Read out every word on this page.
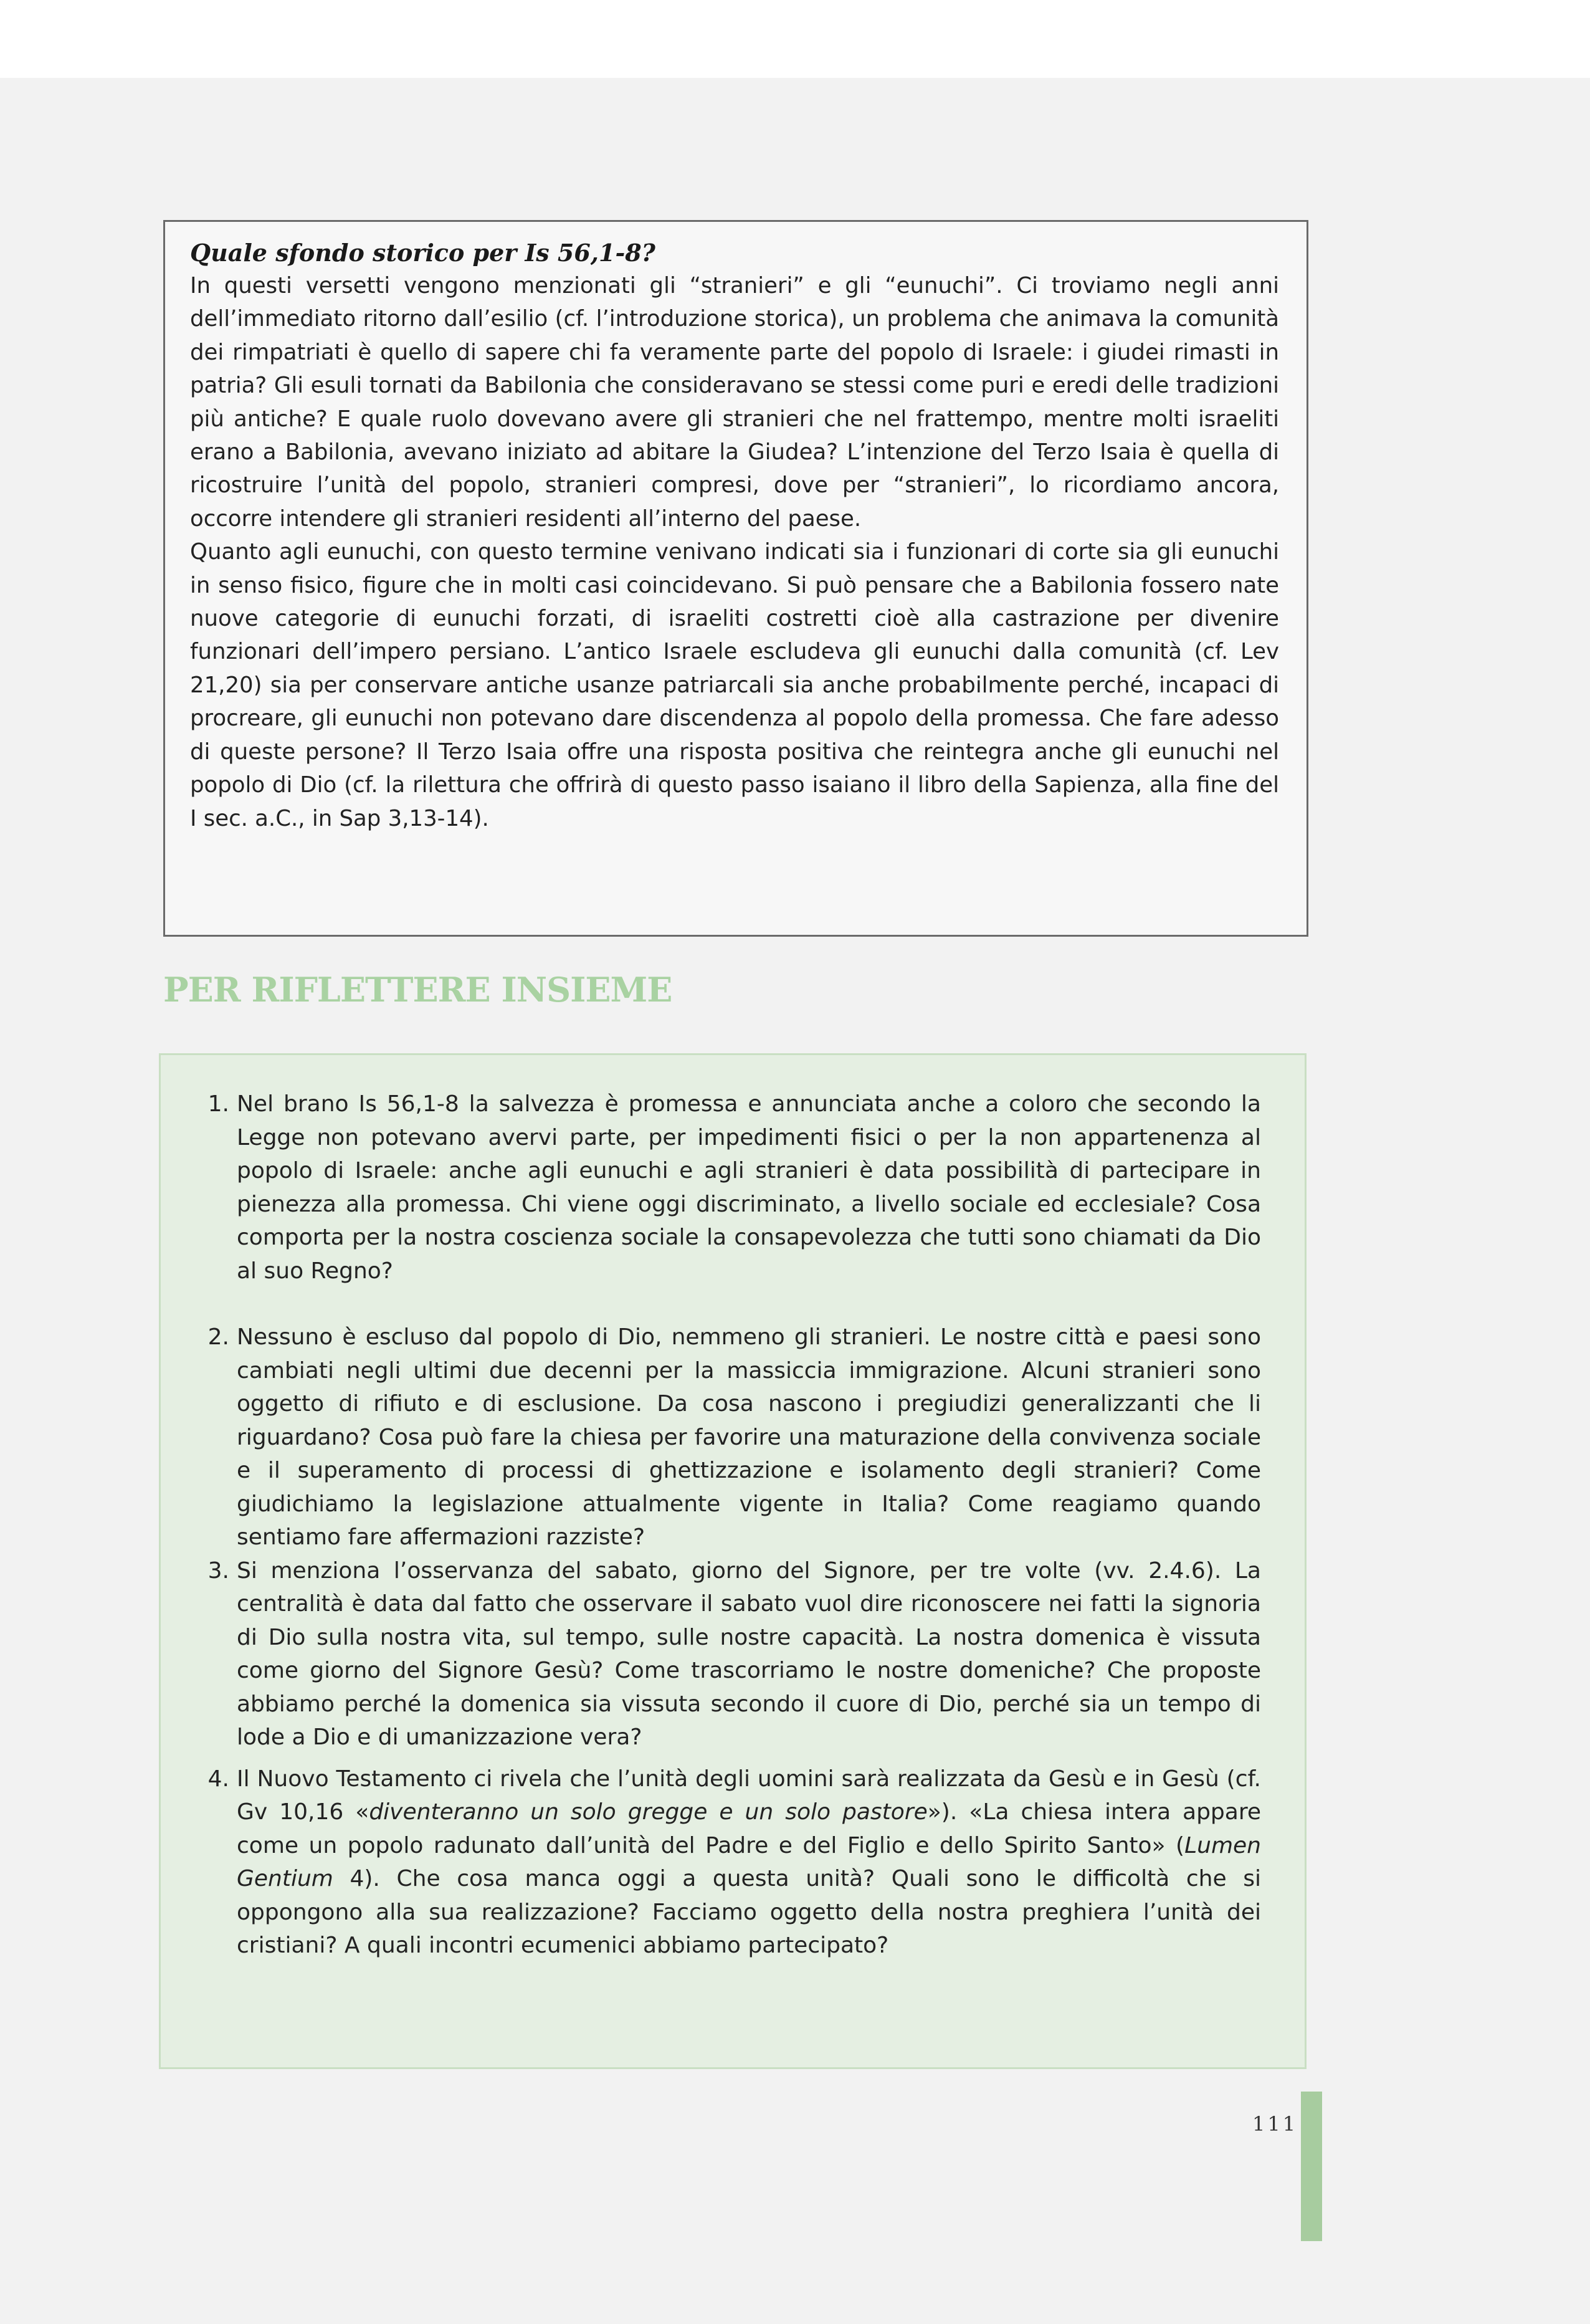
Quale sfondo storico per Is 56,1-8?

In questi versetti vengono menzionati gli “stranieri” e gli “eunuchi”. Ci troviamo negli anni dell’immediato ritorno dall’esilio (cf. l’introduzione storica), un problema che animava la comunità dei rimpatriati è quello di sapere chi fa veramente parte del popolo di Israele: i giudei rimasti in patria? Gli esuli tornati da Babilonia che consideravano se stessi come puri e eredi delle tradizioni più antiche? E quale ruolo dovevano avere gli stranieri che nel frattempo, mentre molti israeliti erano a Babilonia, avevano iniziato ad abitare la Giudea? L’intenzione del Terzo Isaia è quella di ricostruire l’unità del popolo, stranieri compresi, dove per “stranieri”, lo ricordiamo ancora, occorre intendere gli stranieri residenti all’interno del paese.

Quanto agli eunuchi, con questo termine venivano indicati sia i funzionari di corte sia gli eunuchi in senso fisico, figure che in molti casi coincidevano. Si può pensare che a Babilonia fossero nate nuove categorie di eunuchi forzati, di israeliti costretti cioè alla castrazione per divenire funzionari dell’impero persiano. L’antico Israele escludeva gli eunuchi dalla comunità (cf. Lev 21,20) sia per conservare antiche usanze patriarcali sia anche probabilmente perché, incapaci di procreare, gli eunuchi non potevano dare discendenza al popolo della promessa. Che fare adesso di queste persone? Il Terzo Isaia offre una risposta positiva che reintegra anche gli eunuchi nel popolo di Dio (cf. la rilettura che offrirà di questo passo isaiano il libro della Sapienza, alla fine del I sec. a.C., in Sap 3,13-14).

PER RIFLETTERE INSIEME
1. Nel brano Is 56,1-8 la salvezza è promessa e annunciata anche a coloro che secondo la Legge non potevano avervi parte, per impedimenti fisici o per la non appartenenza al popolo di Israele: anche agli eunuchi e agli stranieri è data possibilità di partecipare in pienezza alla promessa. Chi viene oggi discriminato, a livello sociale ed ecclesiale? Cosa comporta per la nostra coscienza sociale la consapevolezza che tutti sono chiamati da Dio al suo Regno?

2. Nessuno è escluso dal popolo di Dio, nemmeno gli stranieri. Le nostre città e paesi sono cambiati negli ultimi due decenni per la massiccia immigrazione. Alcuni stranieri sono oggetto di rifiuto e di esclusione. Da cosa nascono i pregiudizi generalizzanti che li riguardano? Cosa può fare la chiesa per favorire una maturazione della convivenza sociale e il superamento di processi di ghettizzazione e isolamento degli stranieri? Come giudichiamo la legislazione attualmente vigente in Italia? Come reagiamo quando sentiamo fare affermazioni razziste?

3. Si menziona l’osservanza del sabato, giorno del Signore, per tre volte (vv. 2.4.6). La centralità è data dal fatto che osservare il sabato vuol dire riconoscere nei fatti la signoria di Dio sulla nostra vita, sul tempo, sulle nostre capacità. La nostra domenica è vissuta come giorno del Signore Gesù? Come trascorriamo le nostre domeniche? Che proposte abbiamo perché la domenica sia vissuta secondo il cuore di Dio, perché sia un tempo di lode a Dio e di umanizzazione vera?

4. Il Nuovo Testamento ci rivela che l’unità degli uomini sarà realizzata da Gesù e in Gesù (cf. Gv 10,16 «diventeranno un solo gregge e un solo pastore»). «La chiesa intera appare come un popolo radunato dall’unità del Padre e del Figlio e dello Spirito Santo» (Lumen Gentium 4). Che cosa manca oggi a questa unità? Quali sono le difficoltà che si oppongono alla sua realizzazione? Facciamo oggetto della nostra preghiera l’unità dei cristiani? A quali incontri ecumenici abbiamo partecipato?

111
